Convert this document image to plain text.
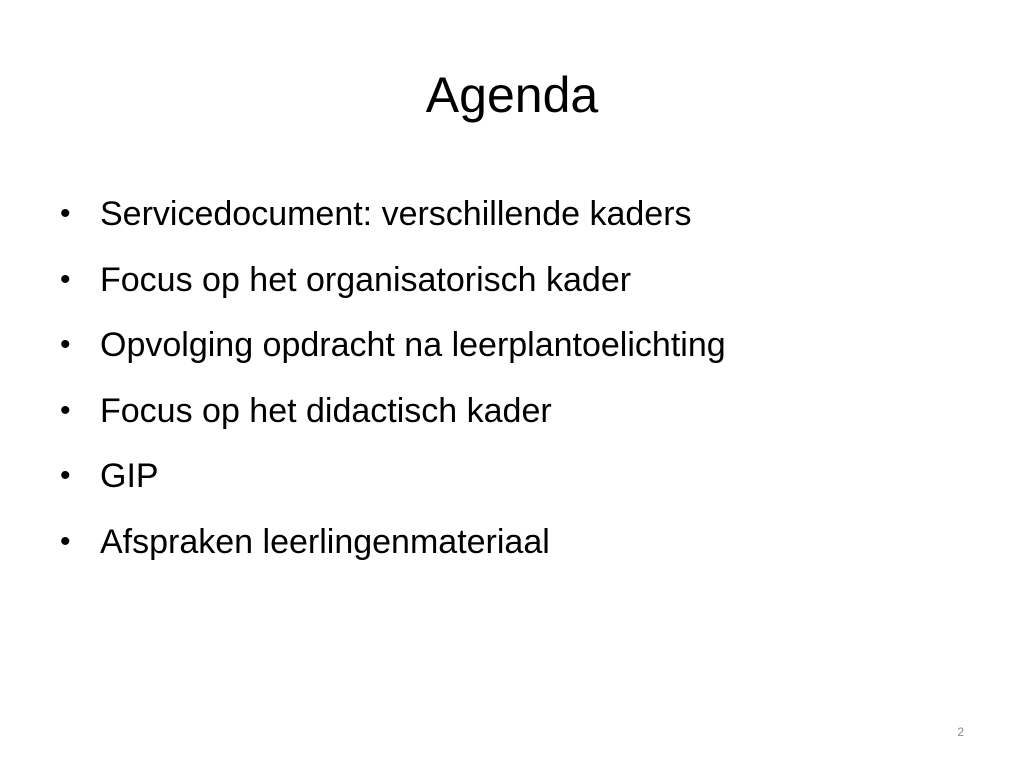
Agenda
• Servicedocument: verschillende kaders
• Focus op het organisatorisch kader
• Opvolging opdracht na leerplantoelichting
• Focus op het didactisch kader
• GIP
• Afspraken leerlingenmateriaal
2
